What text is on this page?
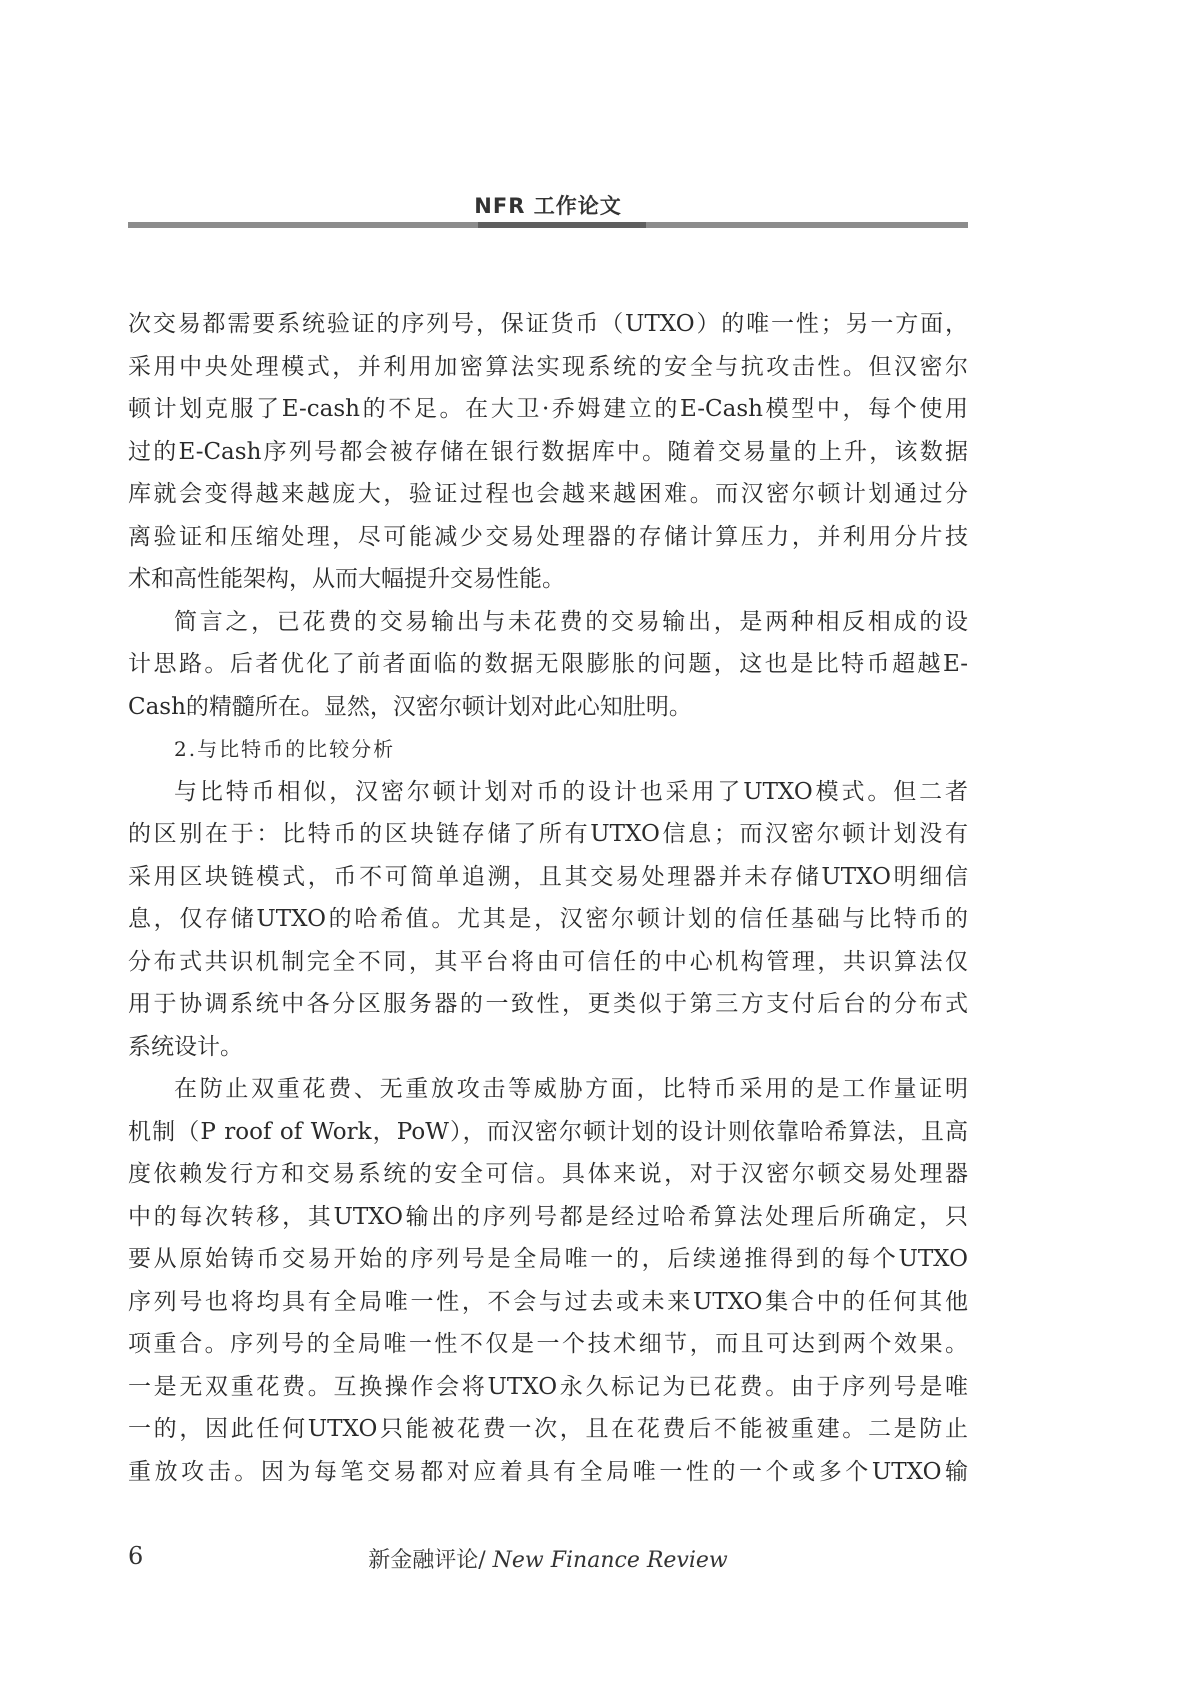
NFR 工作论文
次交易都需要系统验证的序列号，保证货币（UTXO）的唯一性；另一方面，
采用中央处理模式，并利用加密算法实现系统的安全与抗攻击性。但汉密尔
顿计划克服了E-cash的不足。在大卫·乔姆建立的E-Cash模型中，每个使用
过的E-Cash序列号都会被存储在银行数据库中。随着交易量的上升，该数据
库就会变得越来越庞大，验证过程也会越来越困难。而汉密尔顿计划通过分
离验证和压缩处理，尽可能减少交易处理器的存储计算压力，并利用分片技
术和高性能架构，从而大幅提升交易性能。
简言之，已花费的交易输出与未花费的交易输出，是两种相反相成的设
计思路。后者优化了前者面临的数据无限膨胀的问题，这也是比特币超越E-
Cash的精髓所在。显然，汉密尔顿计划对此心知肚明。
2.与比特币的比较分析
与比特币相似，汉密尔顿计划对币的设计也采用了UTXO模式。但二者
的区别在于：比特币的区块链存储了所有UTXO信息；而汉密尔顿计划没有
采用区块链模式，币不可简单追溯，且其交易处理器并未存储UTXO明细信
息，仅存储UTXO的哈希值。尤其是，汉密尔顿计划的信任基础与比特币的
分布式共识机制完全不同，其平台将由可信任的中心机构管理，共识算法仅
用于协调系统中各分区服务器的一致性，更类似于第三方支付后台的分布式
系统设计。
在防止双重花费、无重放攻击等威胁方面，比特币采用的是工作量证明
机制（P roof of Work，PoW），而汉密尔顿计划的设计则依靠哈希算法，且高
度依赖发行方和交易系统的安全可信。具体来说，对于汉密尔顿交易处理器
中的每次转移，其UTXO输出的序列号都是经过哈希算法处理后所确定，只
要从原始铸币交易开始的序列号是全局唯一的，后续递推得到的每个UTXO
序列号也将均具有全局唯一性，不会与过去或未来UTXO集合中的任何其他
项重合。序列号的全局唯一性不仅是一个技术细节，而且可达到两个效果。
一是无双重花费。互换操作会将UTXO永久标记为已花费。由于序列号是唯
一的，因此任何UTXO只能被花费一次，且在花费后不能被重建。二是防止
重放攻击。因为每笔交易都对应着具有全局唯一性的一个或多个UTXO输
6	新金融评论/ New Finance Review
